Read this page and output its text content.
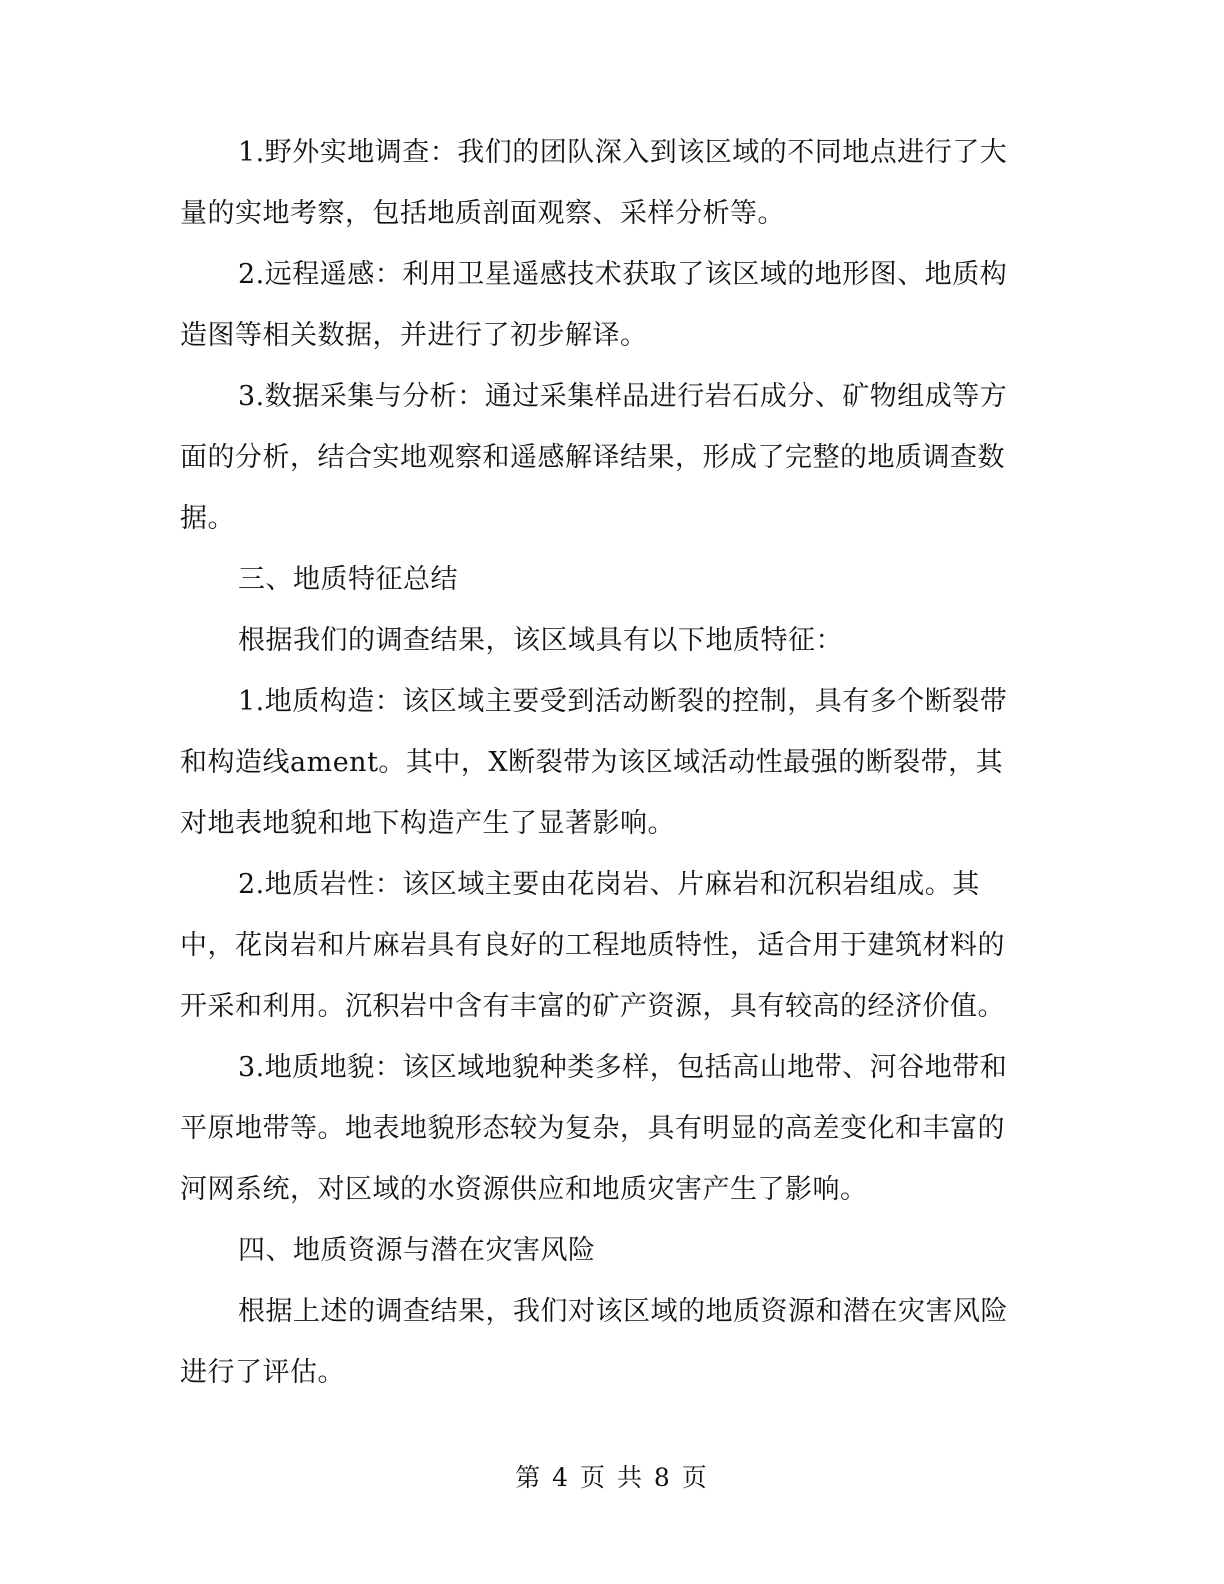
1.野外实地调查：我们的团队深入到该区域的不同地点进行了大量的实地考察，包括地质剖面观察、采样分析等。

2.远程遥感：利用卫星遥感技术获取了该区域的地形图、地质构造图等相关数据，并进行了初步解译。

3.数据采集与分析：通过采集样品进行岩石成分、矿物组成等方面的分析，结合实地观察和遥感解译结果，形成了完整的地质调查数据。

三、地质特征总结

根据我们的调查结果，该区域具有以下地质特征：

1.地质构造：该区域主要受到活动断裂的控制，具有多个断裂带和构造线ament。其中，X断裂带为该区域活动性最强的断裂带，其对地表地貌和地下构造产生了显著影响。

2.地质岩性：该区域主要由花岗岩、片麻岩和沉积岩组成。其中，花岗岩和片麻岩具有良好的工程地质特性，适合用于建筑材料的开采和利用。沉积岩中含有丰富的矿产资源，具有较高的经济价值。

3.地质地貌：该区域地貌种类多样，包括高山地带、河谷地带和平原地带等。地表地貌形态较为复杂，具有明显的高差变化和丰富的河网系统，对区域的水资源供应和地质灾害产生了影响。

四、地质资源与潜在灾害风险

根据上述的调查结果，我们对该区域的地质资源和潜在灾害风险进行了评估。

第 4 页 共 8 页
